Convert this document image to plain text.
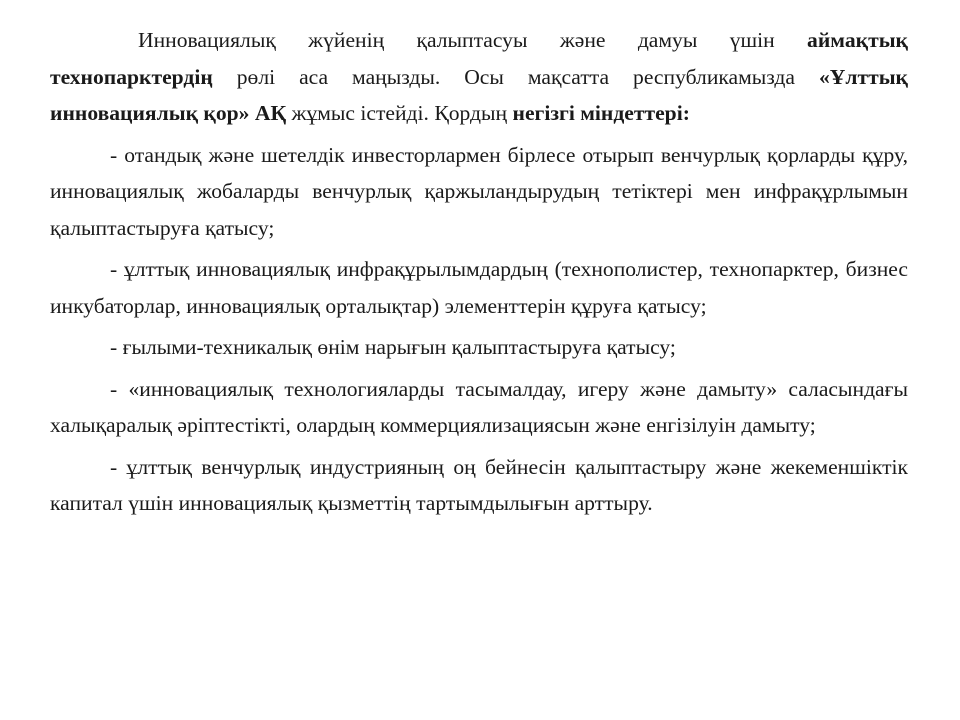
Инновациялық жүйенің қалыптасуы және дамуы үшін аймақтық технопарктердің рөлі аса маңызды. Осы мақсатта республикамызда «Ұлттық инновациялық қор» АҚ жұмыс істейді. Қордың негізгі міндеттері:

- отандық және шетелдік инвесторлармен бірлесе отырып венчурлық қорларды құру, инновациялық жобаларды венчурлық қаржыландырудың тетіктері мен инфрақұрлымын қалыптастыруға қатысу;

- ұлттық инновациялық инфрақұрылымдардың (технополистер, технопарктер, бизнес инкубаторлар, инновациялық орталықтар) элементтерін құруға қатысу;

- ғылыми-техникалық өнім нарығын қалыптастыруға қатысу;

- «инновациялық технологияларды тасымалдау, игеру және дамыту» саласындағы халықаралық әріптестікті, олардың коммерциялизациясын және енгізілуін дамыту;

- ұлттық венчурлық индустрияның оң бейнесін қалыптастыру және жекеменшіктік капитал үшін инновациялық қызметтің тартымдылығын арттыру.
